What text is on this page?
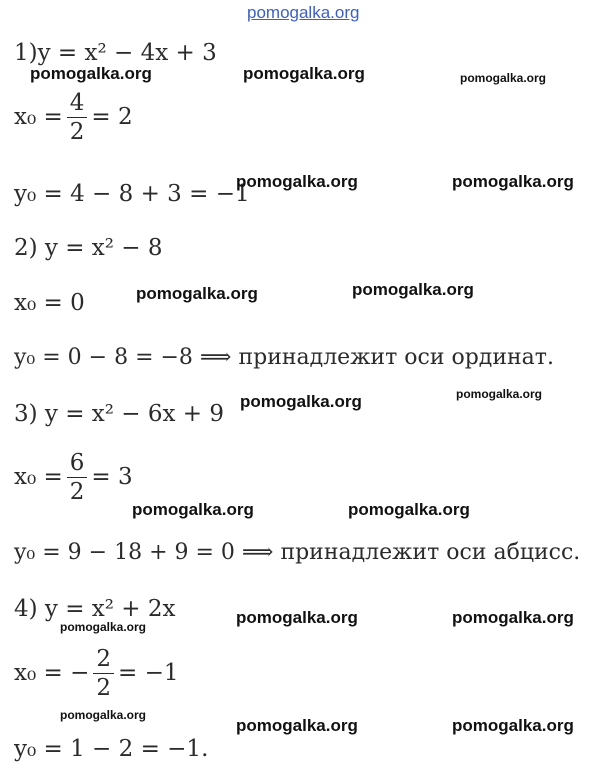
pomogalka.org
1)y = x² − 4x + 3
$x_0 = \frac{4}{2} = 2$
y₀ = 4 − 8 + 3 = −1
2) y = x² − 8
x₀ = 0
y₀ = 0 − 8 = −8 ⟹ принадлежит оси ординат.
3) y = x² − 6x + 9
$x_0 = \frac{6}{2} = 3$
y₀ = 9 − 18 + 9 = 0 ⟹ принадлежит оси абцисс.
4) y = x² + 2x
x₀ = − $\frac{2}{2} = -1$
y₀ = 1 − 2 = −1.
pomogalka.org	pomogalka.org	pomogalka.org
pomogalka.org	pomogalka.org
pomogalka.org	pomogalka.org
pomogalka.org	pomogalka.org
pomogalka.org	pomogalka.org
pomogalka.org	pomogalka.org
pomogalka.org
pomogalka.org
pomogalka.org	pomogalka.org
